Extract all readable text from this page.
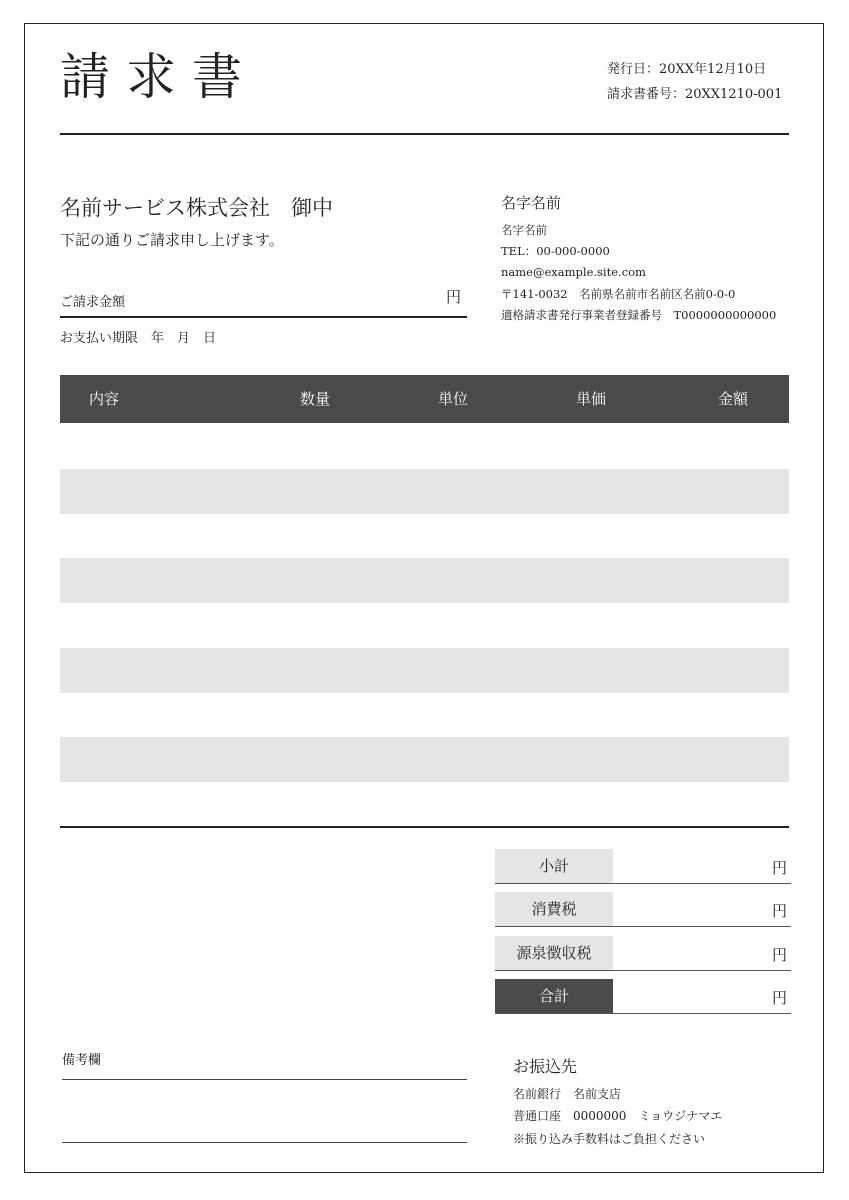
請求書	発行日：20XX年12月10日
請求書番号：20XX1210-001
名前サービス株式会社　御中
下記の通りご請求申し上げます。
ご請求金額	円
お支払い期限　年　月　日
名字名前
名字名前
TEL：00-000-0000
name@example.site.com
〒141-0032　名前県名前市名前区名前0-0-0
適格請求書発行事業者登録番号　T0000000000000
内容	数量	単位	単価	金額
小計	円
消費税	円
源泉徴収税	円
合計	円
備考欄	お振込先
名前銀行　名前支店
普通口座　0000000　ミョウジナマエ
※振り込み手数料はご負担ください
